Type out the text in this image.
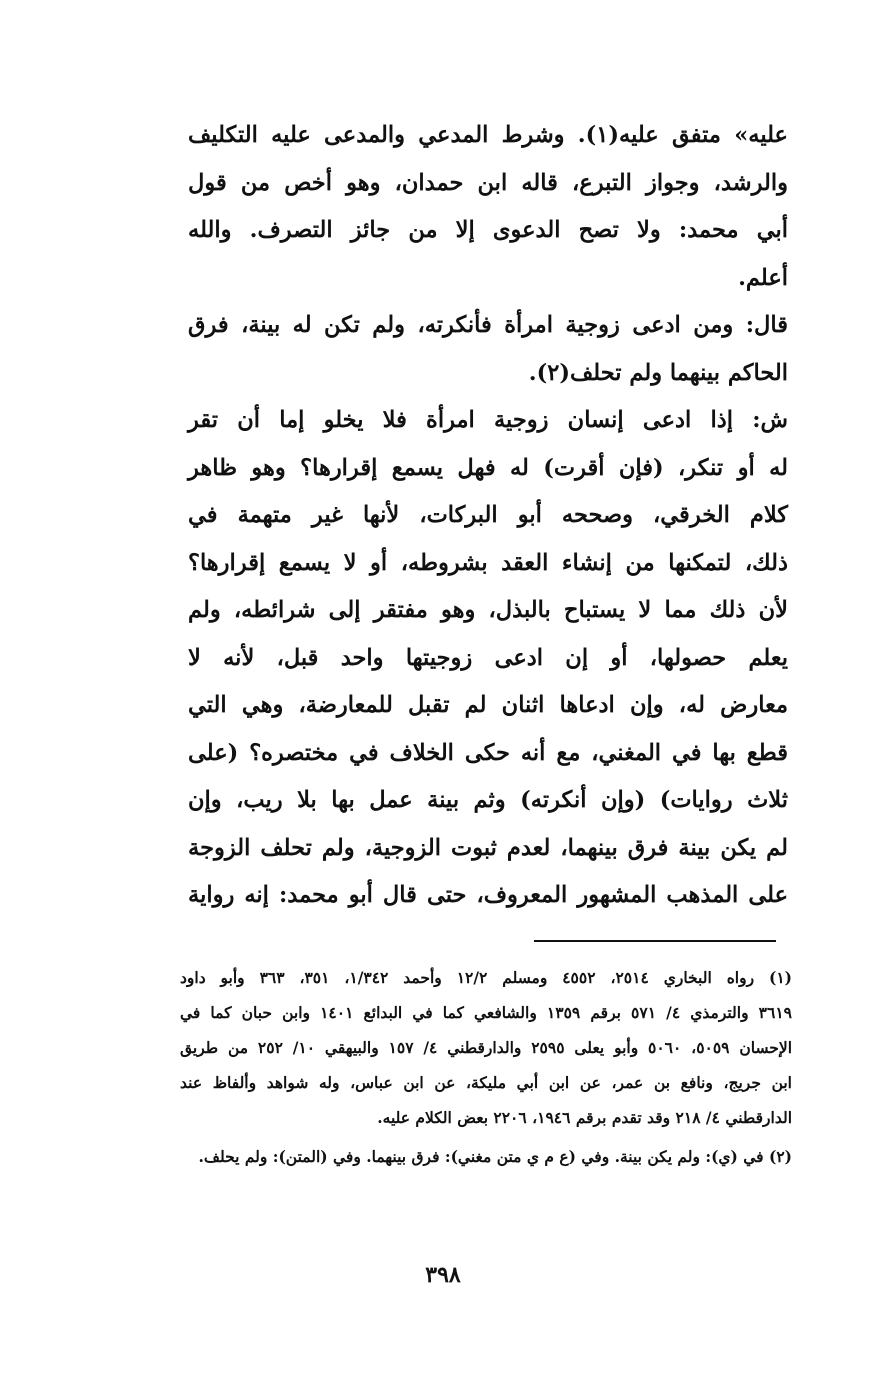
عليه» متفق عليه(١). وشرط المدعي والمدعى عليه التكليف
والرشد، وجواز التبرع، قاله ابن حمدان، وهو أخص من قول
أبي محمد: ولا تصح الدعوى إلا من جائز التصرف. والله
أعلم.
قال: ومن ادعى زوجية امرأة فأنكرته، ولم تكن له بينة، فرق
الحاكم بينهما ولم تحلف(٢).
ش: إذا ادعى إنسان زوجية امرأة فلا يخلو إما أن تقر
له أو تنكر، (فإن أقرت) له فهل يسمع إقرارها؟ وهو ظاهر
كلام الخرقي، وصححه أبو البركات، لأنها غير متهمة في
ذلك، لتمكنها من إنشاء العقد بشروطه، أو لا يسمع إقرارها؟
لأن ذلك مما لا يستباح بالبذل، وهو مفتقر إلى شرائطه، ولم
يعلم حصولها، أو إن ادعى زوجيتها واحد قبل، لأنه لا
معارض له، وإن ادعاها اثنان لم تقبل للمعارضة، وهي التي
قطع بها في المغني، مع أنه حكى الخلاف في مختصره؟ (على
ثلاث روايات) (وإن أنكرته) وثم بينة عمل بها بلا ريب، وإن
لم يكن بينة فرق بينهما، لعدم ثبوت الزوجية، ولم تحلف الزوجة
على المذهب المشهور المعروف، حتى قال أبو محمد: إنه رواية
(١) رواه البخاري ٢٥١٤، ٤٥٥٢ ومسلم ١٢/٢ وأحمد ١/٣٤٢، ٣٥١، ٣٦٣ وأبو داود
٣٦١٩ والترمذي ٤/ ٥٧١ برقم ١٣٥٩ والشافعي كما في البدائع ١٤٠١ وابن حبان كما في
الإحسان ٥٠٥٩، ٥٠٦٠ وأبو يعلى ٢٥٩٥ والدارقطني ٤/ ١٥٧ والبيهقي ١٠/ ٢٥٢ من طريق
ابن جريج، ونافع بن عمر، عن ابن أبي مليكة، عن ابن عباس، وله شواهد وألفاظ عند
الدارقطني ٤/ ٢١٨ وقد تقدم برقم ١٩٤٦، ٢٢٠٦ بعض الكلام عليه.
(٢) في (ي): ولم يكن بينة. وفي (ع م ي متن مغني): فرق بينهما. وفي (المتن): ولم يحلف.
٣٩٨
